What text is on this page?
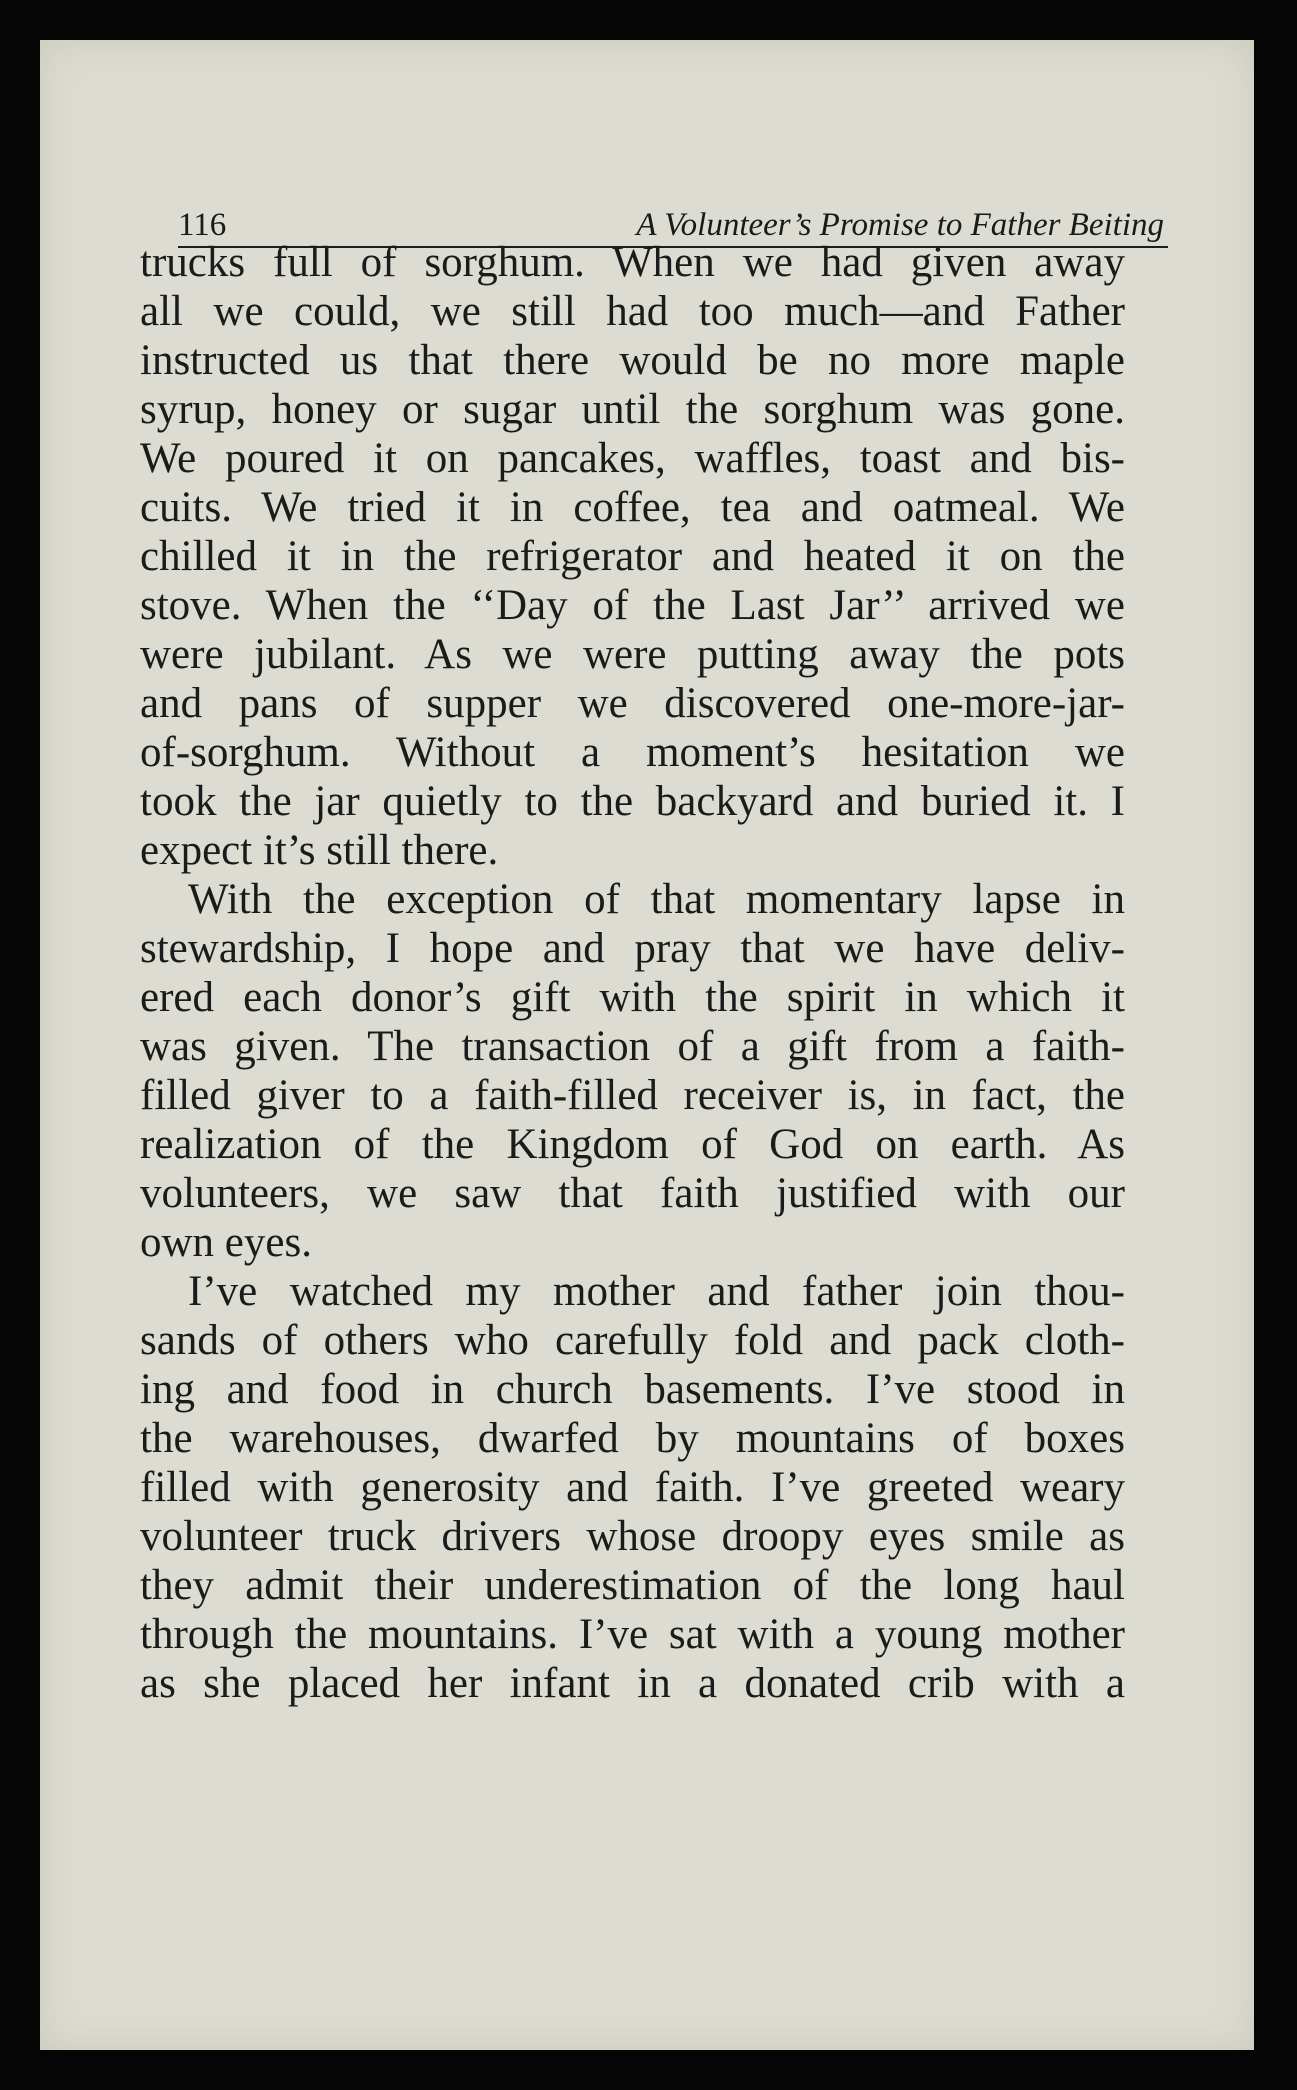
116	A Volunteer’s Promise to Father Beiting
trucks full of sorghum. When we had given away
all we could, we still had too much—and Father
instructed us that there would be no more maple
syrup, honey or sugar until the sorghum was gone.
We poured it on pancakes, waffles, toast and bis-
cuits. We tried it in coffee, tea and oatmeal. We
chilled it in the refrigerator and heated it on the
stove. When the ‘‘Day of the Last Jar’’ arrived we
were jubilant. As we were putting away the pots
and pans of supper we discovered one-more-jar-
of-sorghum. Without a moment’s hesitation we
took the jar quietly to the backyard and buried it. I
expect it’s still there.
With the exception of that momentary lapse in
stewardship, I hope and pray that we have deliv-
ered each donor’s gift with the spirit in which it
was given. The transaction of a gift from a faith-
filled giver to a faith-filled receiver is, in fact, the
realization of the Kingdom of God on earth. As
volunteers, we saw that faith justified with our
own eyes.
I’ve watched my mother and father join thou-
sands of others who carefully fold and pack cloth-
ing and food in church basements. I’ve stood in
the warehouses, dwarfed by mountains of boxes
filled with generosity and faith. I’ve greeted weary
volunteer truck drivers whose droopy eyes smile as
they admit their underestimation of the long haul
through the mountains. I’ve sat with a young mother
as she placed her infant in a donated crib with a
